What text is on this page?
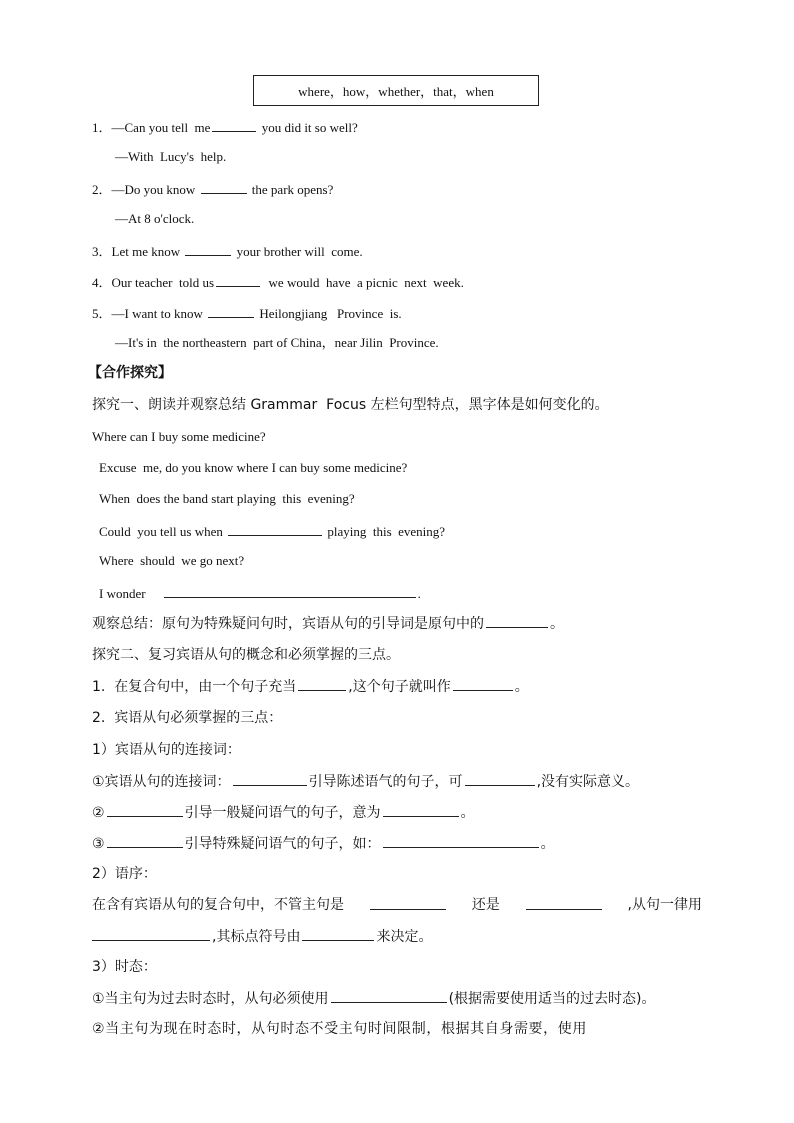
where，how，whether，that，when
1．—Can you tell  me	you did it so well?
—With  Lucy's  help.
2．—Do you know	the park opens?
—At 8 o'clock.
3．Let me know	your brother will  come.
4．Our teacher  told us	we would  have  a picnic  next  week.
5．—I want to know	Heilongjiang   Province  is.
—It's in  the northeastern  part of China，near Jilin  Province.
【合作探究】
探究一、朗读并观察总结 Grammar  Focus 左栏句型特点，黑字体是如何变化的。
Where can I buy some medicine?
Excuse  me, do you know where I can buy some medicine?
When  does the band start playing  this  evening?
Could  you tell us when	playing  this  evening?
Where  should  we go next?
I wonder	.
观察总结：原句为特殊疑问句时，宾语从句的引导词是原句中的	。
探究二、复习宾语从句的概念和必须掌握的三点。
1.  在复合句中，由一个句子充当	,这个句子就叫作	。
2.  宾语从句必须掌握的三点：
1）宾语从句的连接词：
①宾语从句的连接词：	引导陈述语气的句子，可	,没有实际意义。
②	引导一般疑问语气的句子，意为	。
③	引导特殊疑问语气的句子，如：	。
2）语序：
在含有宾语从句的复合句中，不管主句是	还是	,从句一律用
,其标点符号由	来决定。
3）时态：
①当主句为过去时态时，从句必须使用	(根据需要使用适当的过去时态)。
②当主句为现在时态时，从句时态不受主句时间限制，根据其自身需要，使用
